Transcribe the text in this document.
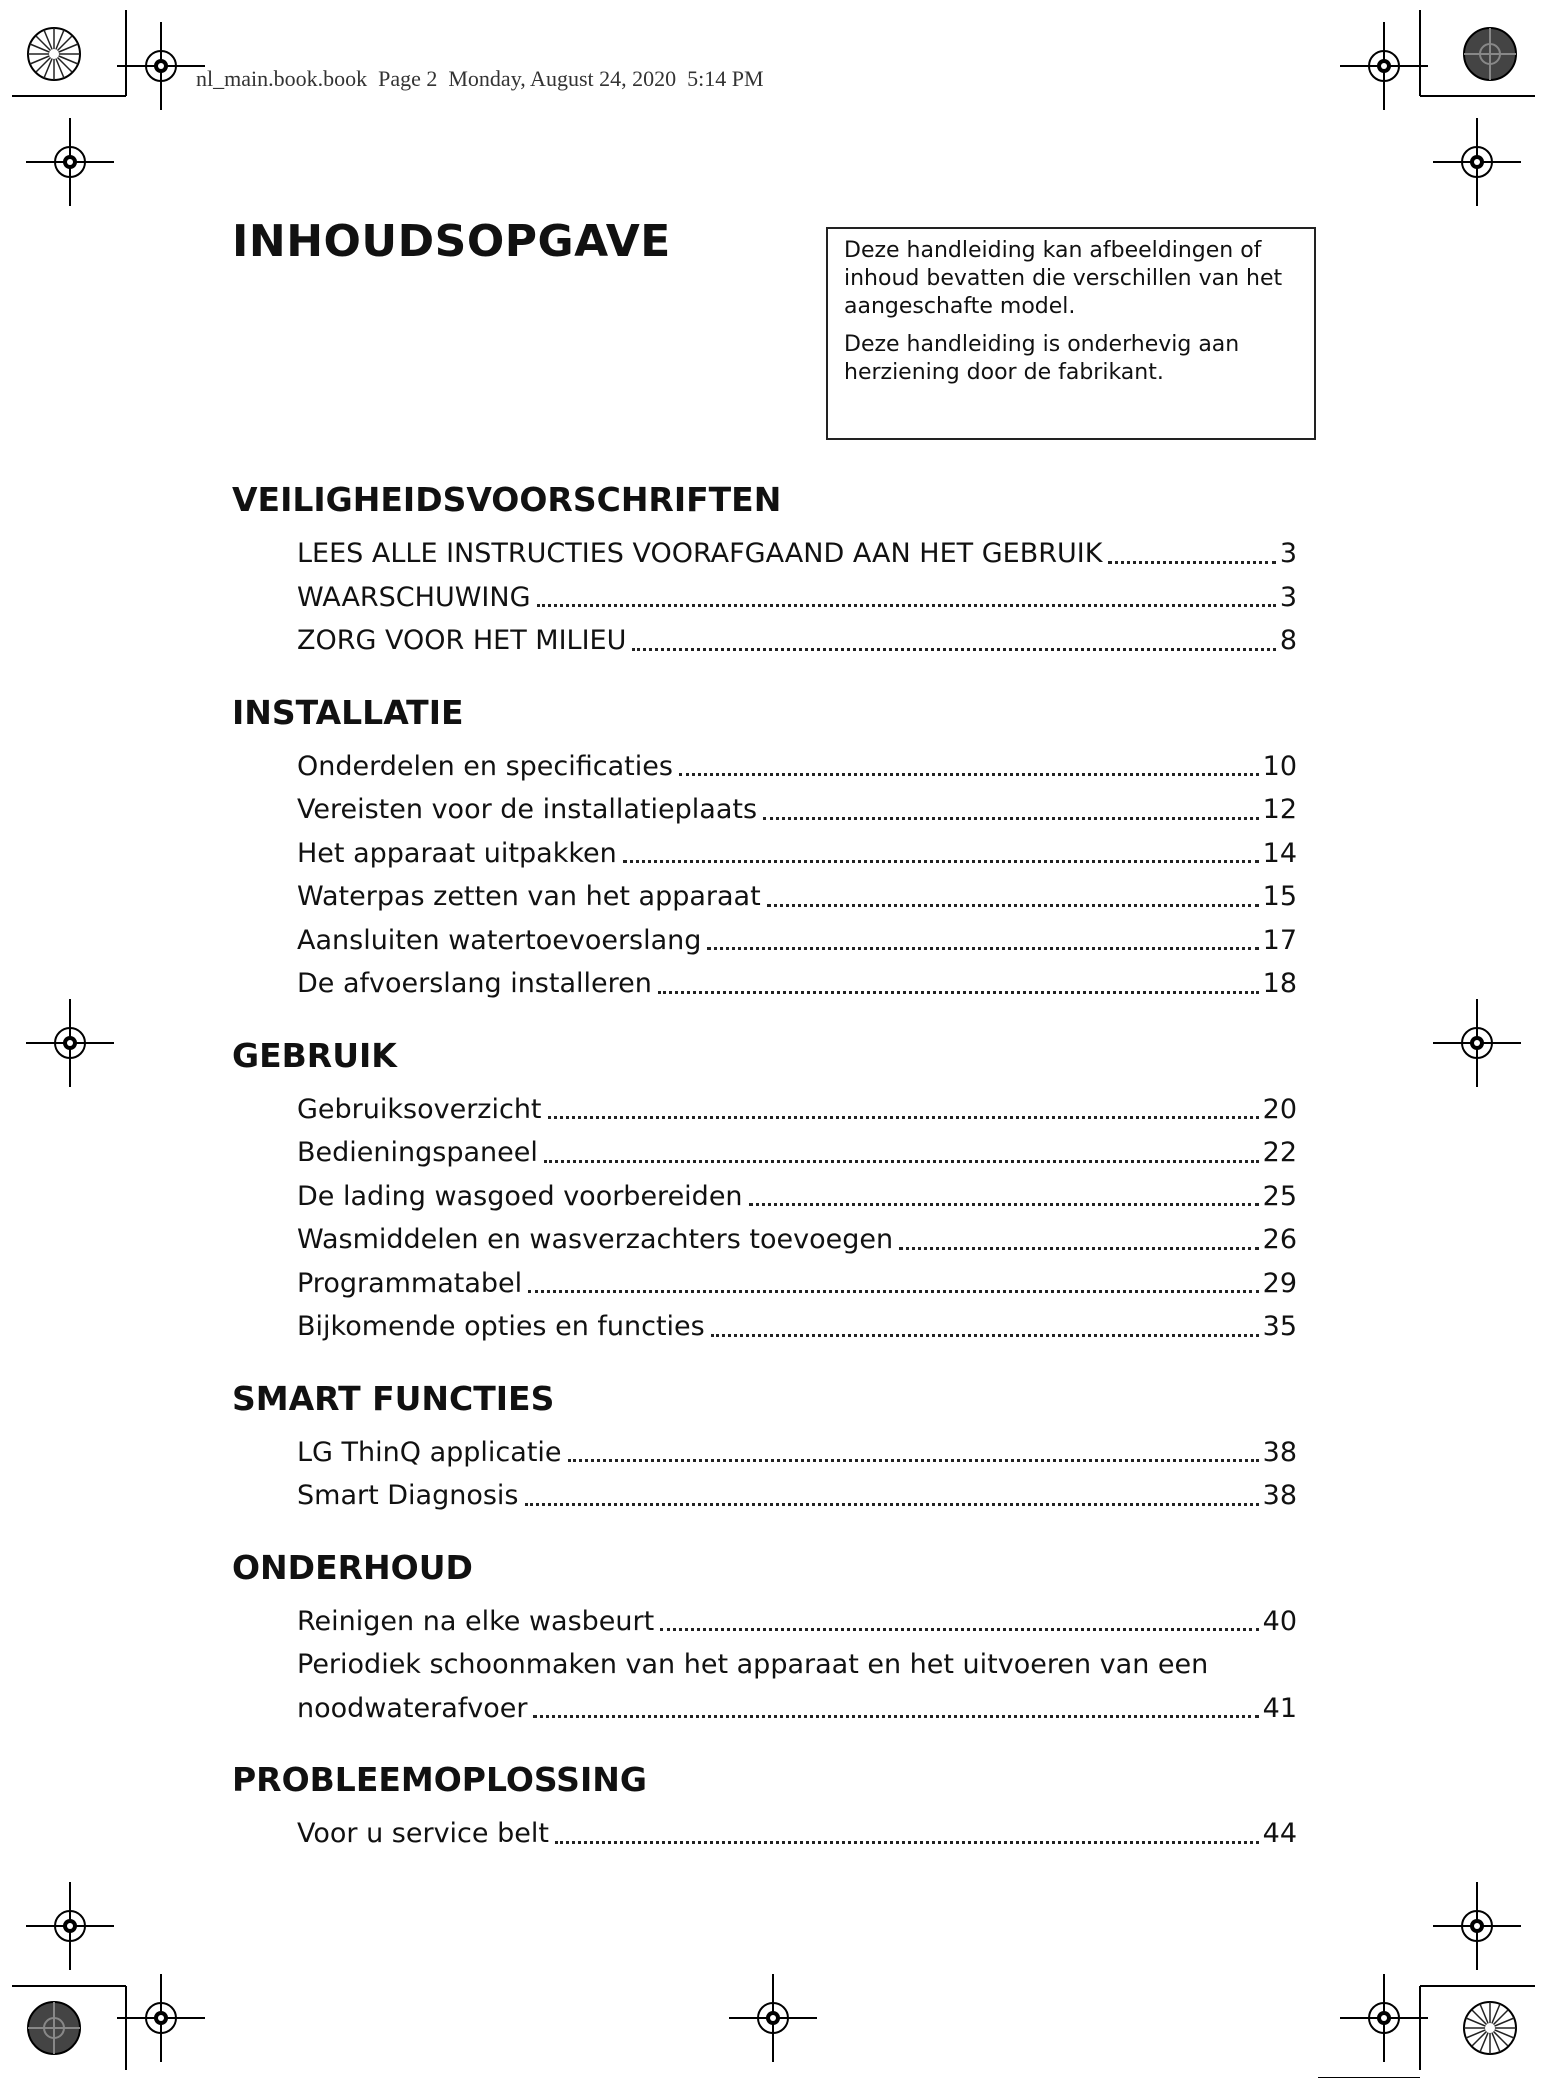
nl_main.book.book  Page 2  Monday, August 24, 2020  5:14 PM
INHOUDSOPGAVE	Deze handleiding kan afbeeldingen of inhoud bevatten die verschillen van het aangeschafte model.

Deze handleiding is onderhevig aan herziening door de fabrikant.

VEILIGHEIDSVOORSCHRIFTEN
LEES ALLE INSTRUCTIES VOORAFGAAND AAN HET GEBRUIK	3
WAARSCHUWING	3
ZORG VOOR HET MILIEU	8
INSTALLATIE
Onderdelen en specificaties	10
Vereisten voor de installatieplaats	12
Het apparaat uitpakken	14
Waterpas zetten van het apparaat	15
Aansluiten watertoevoerslang	17
De afvoerslang installeren	18
GEBRUIK
Gebruiksoverzicht	20
Bedieningspaneel	22
De lading wasgoed voorbereiden	25
Wasmiddelen en wasverzachters toevoegen	26
Programmatabel	29
Bijkomende opties en functies	35
SMART FUNCTIES
LG ThinQ applicatie	38
Smart Diagnosis	38
ONDERHOUD
Reinigen na elke wasbeurt	40
Periodiek schoonmaken van het apparaat en het uitvoeren van een
noodwaterafvoer	41
PROBLEEMOPLOSSING
Voor u service belt	44
